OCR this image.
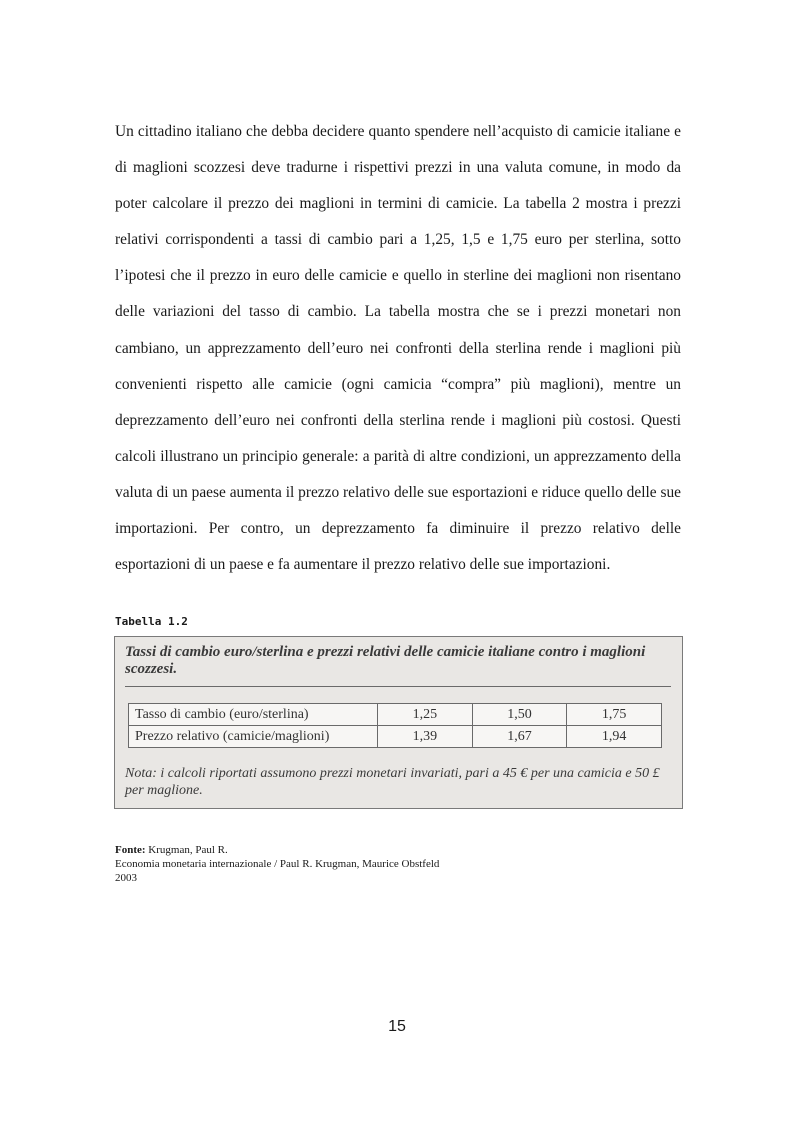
Un cittadino italiano che debba decidere quanto spendere nell’acquisto di camicie italiane e di maglioni scozzesi deve tradurne i rispettivi prezzi in una valuta comune, in modo da poter calcolare il prezzo dei maglioni in termini di camicie. La tabella 2 mostra i prezzi relativi corrispondenti a tassi di cambio pari a 1,25, 1,5 e 1,75 euro per sterlina, sotto l’ipotesi che il prezzo in euro delle camicie e quello in sterline dei maglioni non risentano delle variazioni del tasso di cambio. La tabella mostra che se i prezzi monetari non cambiano, un apprezzamento dell’euro nei confronti della sterlina rende i maglioni più convenienti rispetto alle camicie (ogni camicia “compra” più maglioni), mentre un deprezzamento dell’euro nei confronti della sterlina rende i maglioni più costosi. Questi calcoli illustrano un principio generale: a parità di altre condizioni, un apprezzamento della valuta di un paese aumenta il prezzo relativo delle sue esportazioni e riduce quello delle sue importazioni. Per contro, un deprezzamento fa diminuire il prezzo relativo delle esportazioni di un paese e fa aumentare il prezzo relativo delle sue importazioni.

Tabella 1.2

Tassi di cambio euro/sterlina e prezzi relativi delle camicie italiane contro i maglioni scozzesi.

Tasso di cambio (euro/sterlina)	1,25	1,50	1,75
Prezzo relativo (camicie/maglioni)	1,39	1,67	1,94

Nota: i calcoli riportati assumono prezzi monetari invariati, pari a 45 € per una camicia e 50 £ per maglione.

Fonte: Krugman, Paul R.
Economia monetaria internazionale / Paul R. Krugman, Maurice Obstfeld
2003
15
